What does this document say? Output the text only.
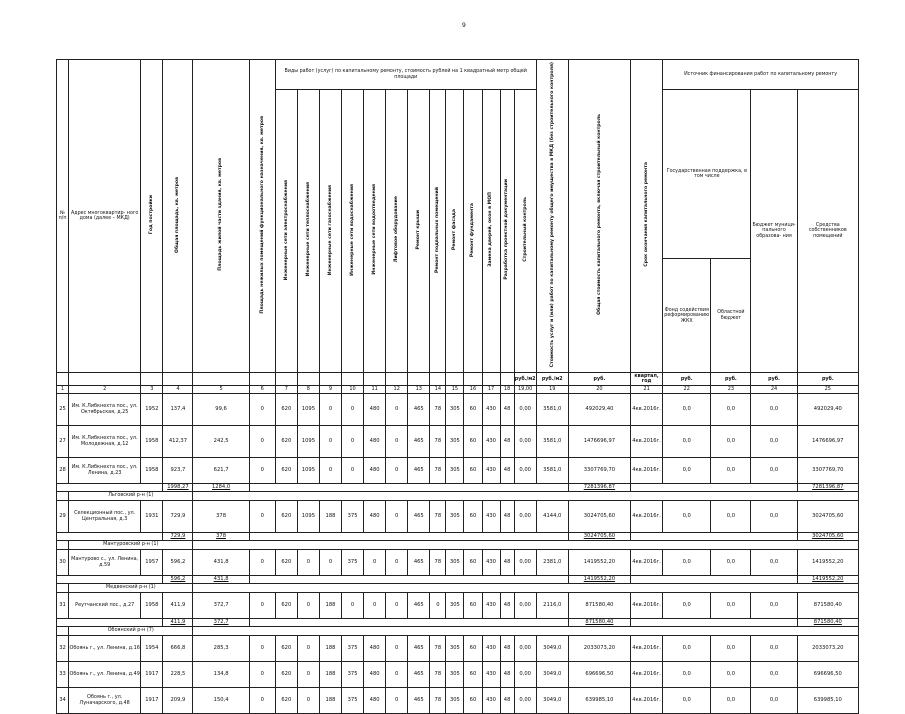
9
№ п/п	Адрес многоквартир- ного дома (далее – МКД)	Год постройки	Общая площадь, кв. метров	Площадь жилой части здания, кв. метров	Площадь нежилых помещений функционального назначения, кв. метров	Виды работ (услуг) по капитальному ремонту, стоимость рублей на 1 квадратный метр общей площади													Стоимость услуг и (или) работ по капитальному ремонту общего имущества в МКД (без строительного контроля)	Общая стоимость капитального ремонта, включая строительный контроль	Срок окончания капитального ремонта	Источник финансирования работ по капитальному ремонту			
						Инженерные сети электроснабжения	Инженерные сети теплоснабжения	Инженерные сети газоснабжения	Инженерные сети водоснабжения	Инженерные сети водоотведения	Лифтовое оборудование	Ремонт крыши	Ремонт подвальных помещений	Ремонт фасада	Ремонт фундамента	Замена дверей, окон в МОП	Разработка проектной документации	Строительный контроль				Государственная поддержка, в том числе		Бюджет муници- пального образова- ния	Средства собственников помещений
																						Фонд содействия реформированию ЖКХ	Областной бюджет		
																		руб./м2	руб./м2	руб.	квартал, год	руб.	руб.	руб.	руб.
1	2	3	4	5	6	7	8	9	10	11	12	13	14	15	16	17	18	19,00	19	20	21	22	23	24	25
25	Им. К.Либкнехта пос., ул. Октябрьская, д.25	1952	137,4	99,6	0	620	1095	0	0	480	0	465	78	305	60	430	48	0,00	3581,0	492029,40	4кв.2016г.	0,0	0,0	0,0	492029,40
27	Им. К.Либкнехта пос., ул. Молодежная, д.12	1958	412,37	242,5	0	620	1095	0	0	480	0	465	78	305	60	430	48	0,00	3581,0	1476696,97	4кв.2016г.	0,0	0,0	0,0	1476696,97
28	Им. К.Либкнехта пос., ул. Ленина, д.23	1958	923,7	621,7	0	620	1095	0	0	480	0	465	78	305	60	430	48	0,00	3581,0	3307769,70	4кв.2016г.	0,0	0,0	0,0	3307769,70
			1998,27	1284,0																7281396,87					7281396,87
	Льговский р-н (1)																								
29	Селекционный пос., ул. Центральная, д.3	1931	729,9	378	0	620	1095	188	375	480	0	465	78	305	60	430	48	0,00	4144,0	3024705,60	4кв.2016г.	0,0	0,0	0,0	3024705,60
			729,9	378																3024705,60					3024705,60
	Мантуровский р-н (1)																								
30	Мантурово с., ул. Ленина, д.59	1957	596,2	431,8	0	620	0	0	375	0	0	465	78	305	60	430	48	0,00	2381,0	1419552,20	4кв.2016г.	0,0	0,0	0,0	1419552,20
			596,2	431,8																1419552,20					1419552,20
	Медвенский р-н (1)																								
31	Реутчанский пос., д.27	1958	411,9	372,7	0	620	0	188	0	0	0	465	0	305	60	430	48	0,00	2116,0	871580,40	4кв.2016г.	0,0	0,0	0,0	871580,40
			411,9	372,7																871580,40					871580,40
	Обоянский р-н (7)																								
32	Обоянь г., ул. Ленина, д.16	1954	666,8	285,3	0	620	0	188	375	480	0	465	78	305	60	430	48	0,00	3049,0	2033073,20	4кв.2016г.	0,0	0,0	0,0	2033073,20
33	Обоянь г., ул. Ленина, д.49	1917	228,5	134,8	0	620	0	188	375	480	0	465	78	305	60	430	48	0,00	3049,0	696696,50	4кв.2016г.	0,0	0,0	0,0	696696,50
34	Обоянь г., ул. Луначарского, д.48	1917	209,9	150,4	0	620	0	188	375	480	0	465	78	305	60	430	48	0,00	3049,0	639985,10	4кв.2016г.	0,0	0,0	0,0	639985,10
